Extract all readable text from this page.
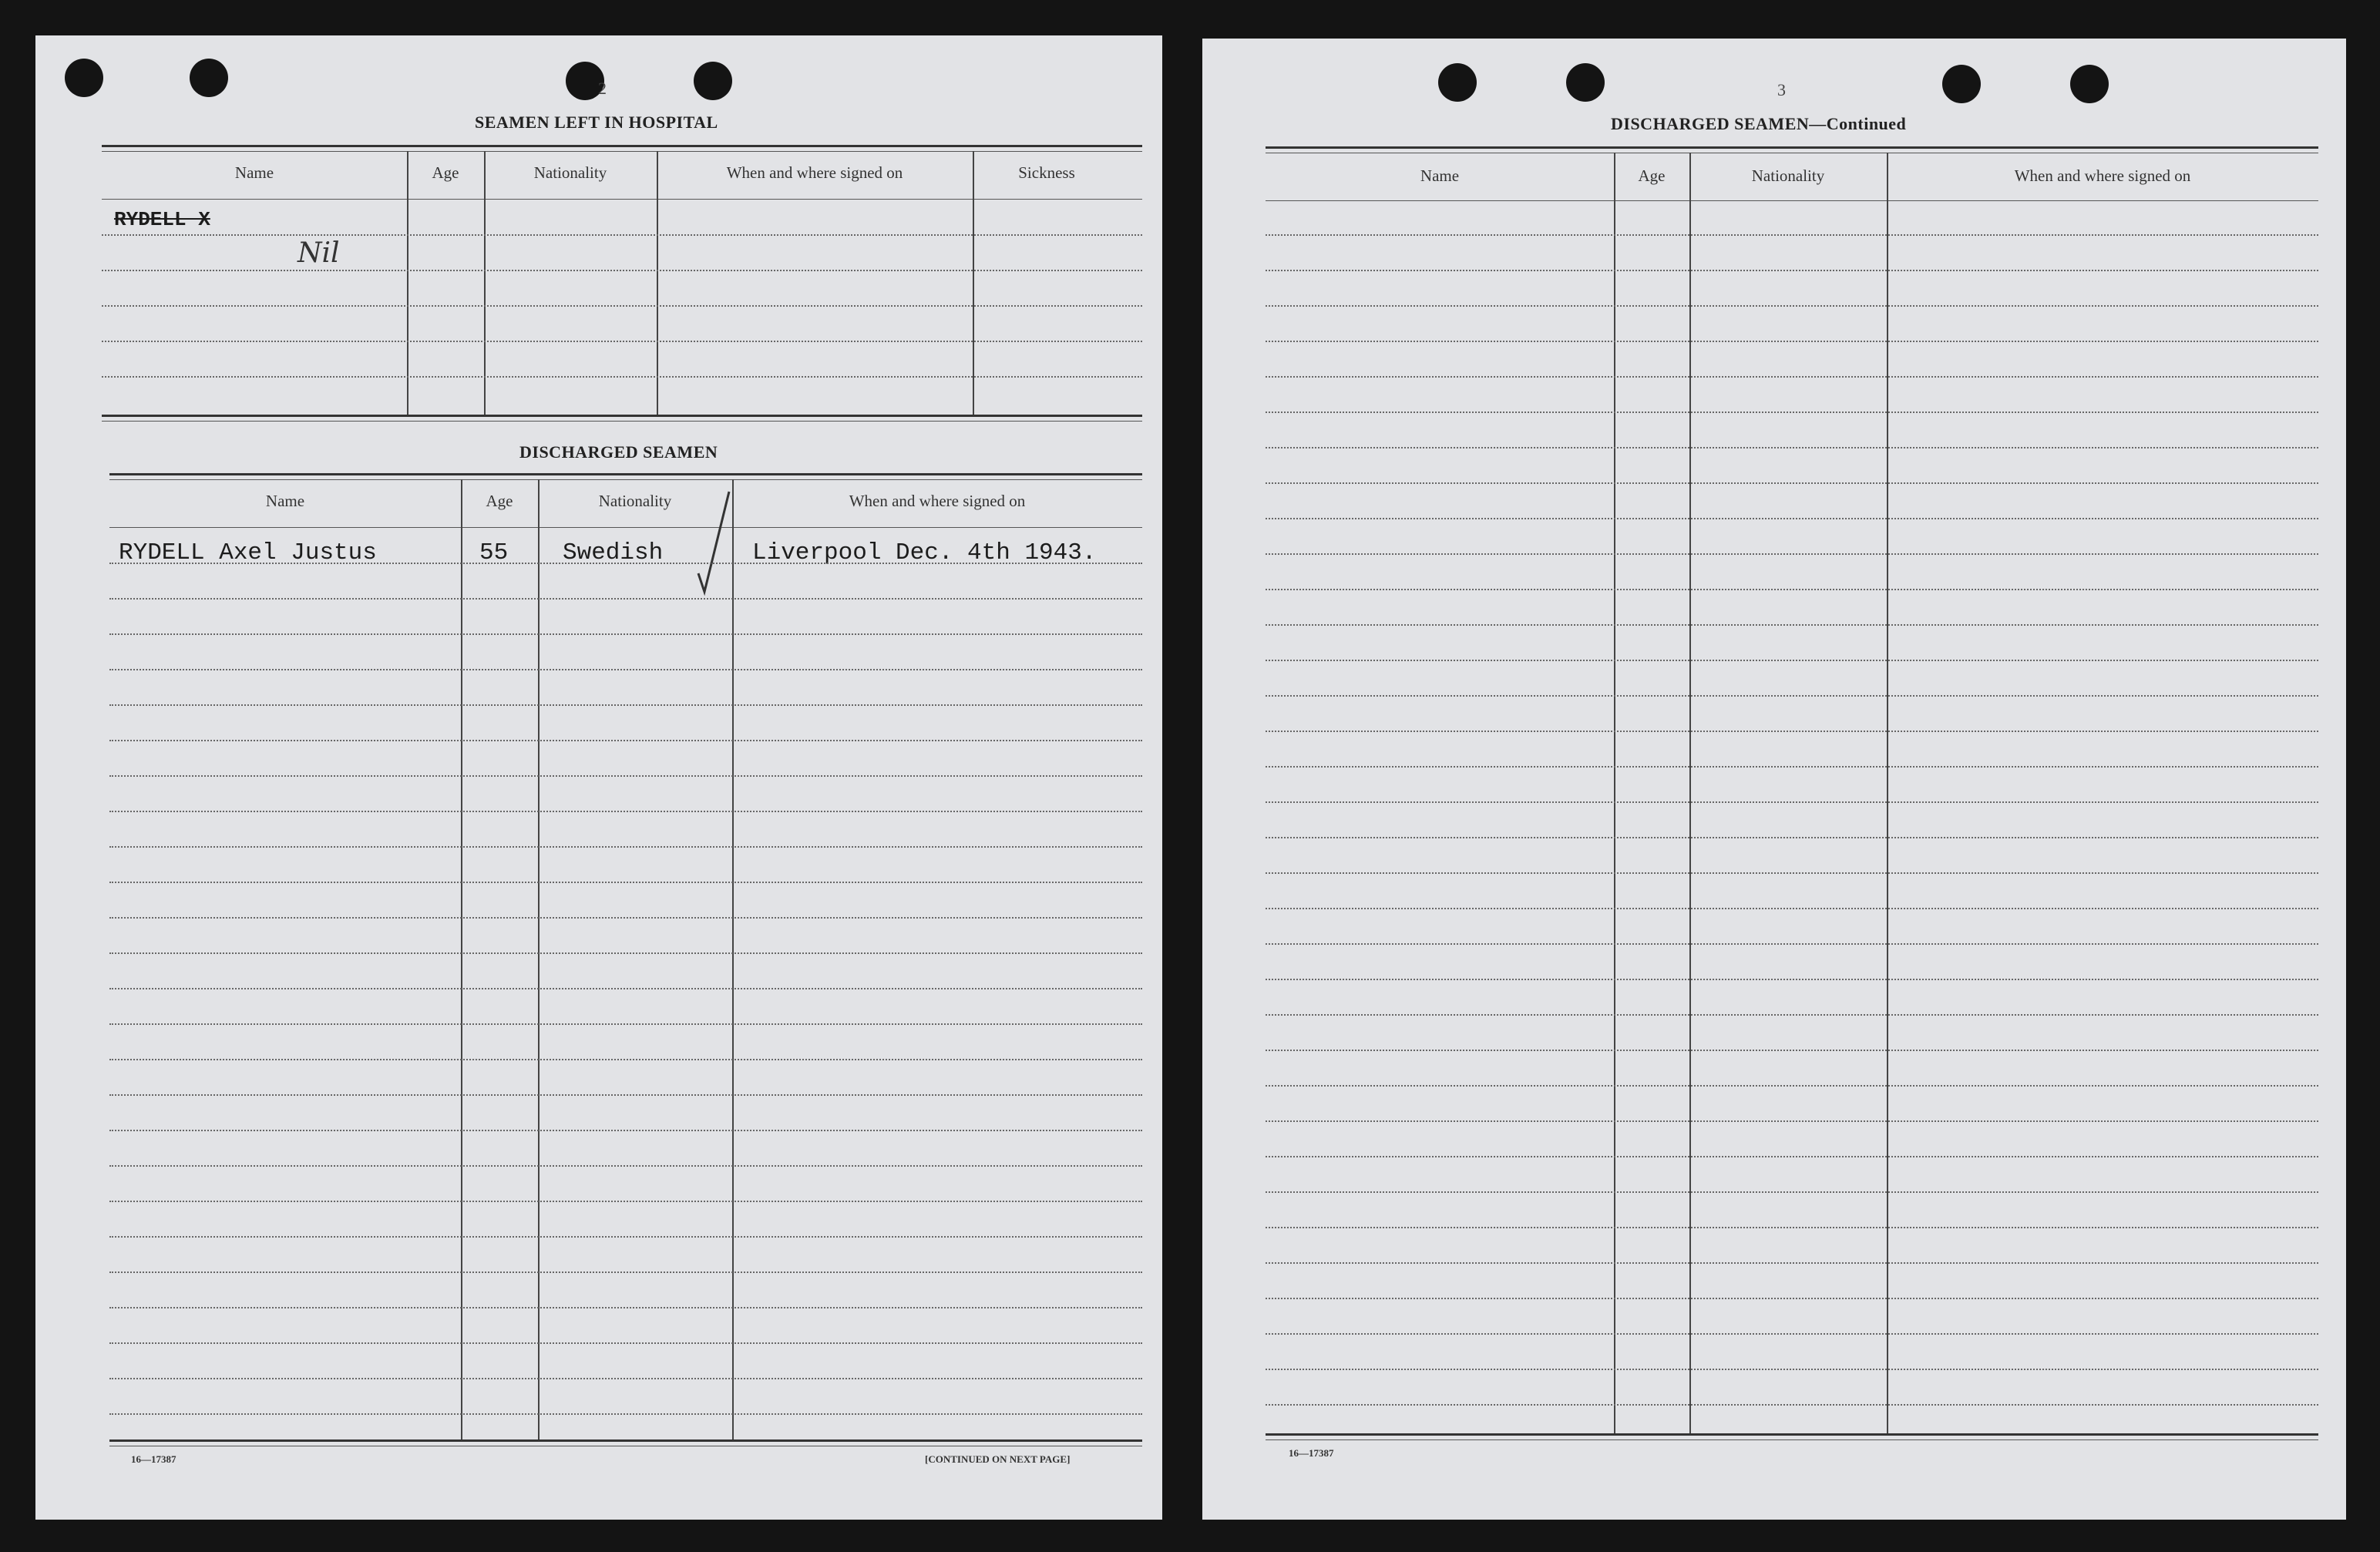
2
SEAMEN LEFT IN HOSPITAL
Name	Age	Nationality	When and where signed on	Sickness
RYDELL X
Nil
DISCHARGED SEAMEN
Name	Age	Nationality	When and where signed on
RYDELL Axel Justus	55 Swedish	Liverpool Dec. 4th 1943.
16—17387	[CONTINUED ON NEXT PAGE]
3
DISCHARGED SEAMEN—Continued
Name	Age	Nationality	When and where signed on
16—17387
